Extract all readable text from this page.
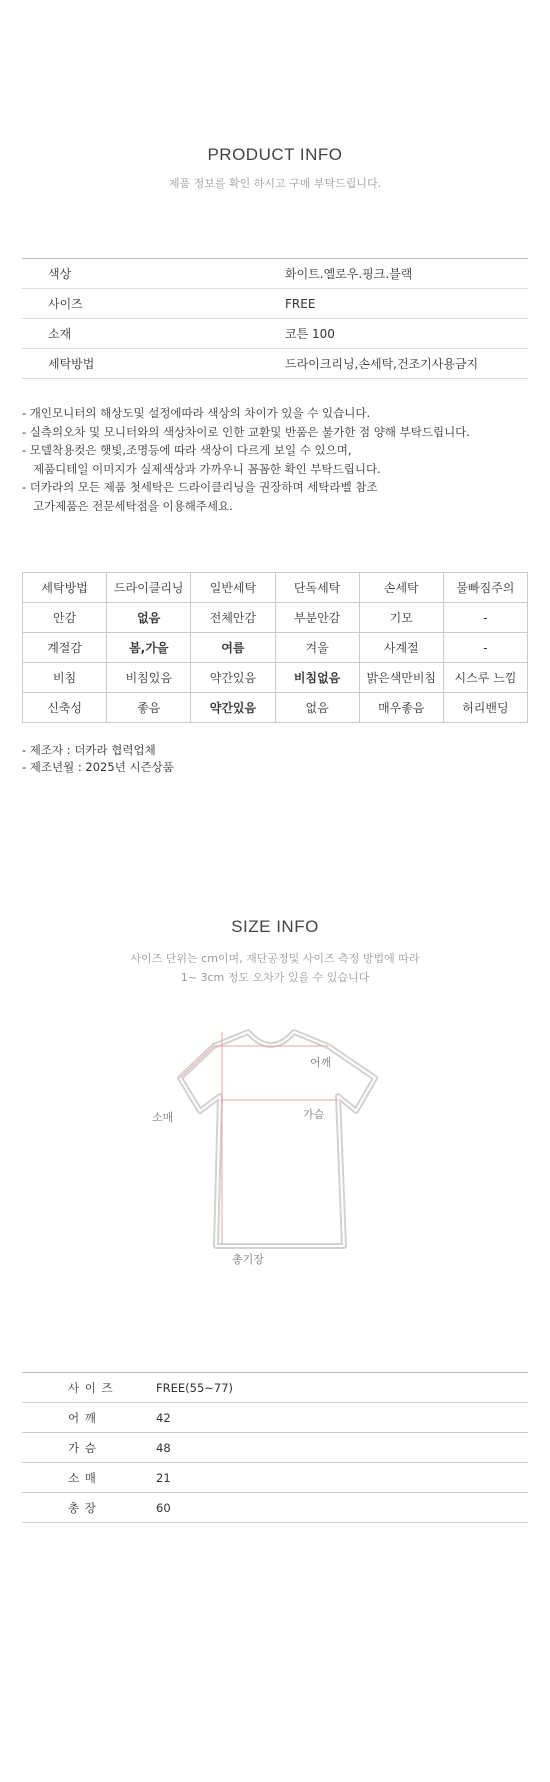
PRODUCT INFO
제품 정보를 확인 하시고 구매 부탁드립니다.
색상	화이트.옐로우.핑크.블랙
사이즈	FREE
소재	코튼 100
세탁방법	드라이크리닝,손세탁,건조기사용금지
- 개인모니터의 해상도및 설정에따라 색상의 차이가 있을 수 있습니다.
- 실측의오차 및 모니터와의 색상차이로 인한 교환및 반품은 불가한 점 양해 부탁드립니다.
- 모델착용컷은 햇빛,조명등에 따라 색상이 다르게 보일 수 있으며,
제품디테일 이미지가 실제색상과 가까우니 꼼꼼한 확인 부탁드립니다.
- 더카라의 모든 제품 첫세탁은 드라이클리닝을 권장하며 세탁라벨 참조
고가제품은 전문세탁점을 이용해주세요.
세탁방법	드라이클리닝	일반세탁	단독세탁	손세탁	물빠짐주의
안감	없음	전체안감	부분안감	기모	-
계절감	봄,가을	여름	겨울	사계절	-
비침	비침있음	약간있음	비침없음	밝은색만비침	시스루 느낌
신축성	좋음	약간있음	없음	매우좋음	허리밴딩
- 제조자 : 더카라 협력업체
- 제조년월 : 2025년 시즌상품
SIZE INFO
사이즈 단위는 cm이며, 재단공정및 사이즈 측정 방법에 따라
1~ 3cm 정도 오차가 있을 수 있습니다
어깨
가슴
소매
총기장
사 이 즈	FREE(55~77)
어 깨	42
가 슴	48
소 매	21
총 장	60
